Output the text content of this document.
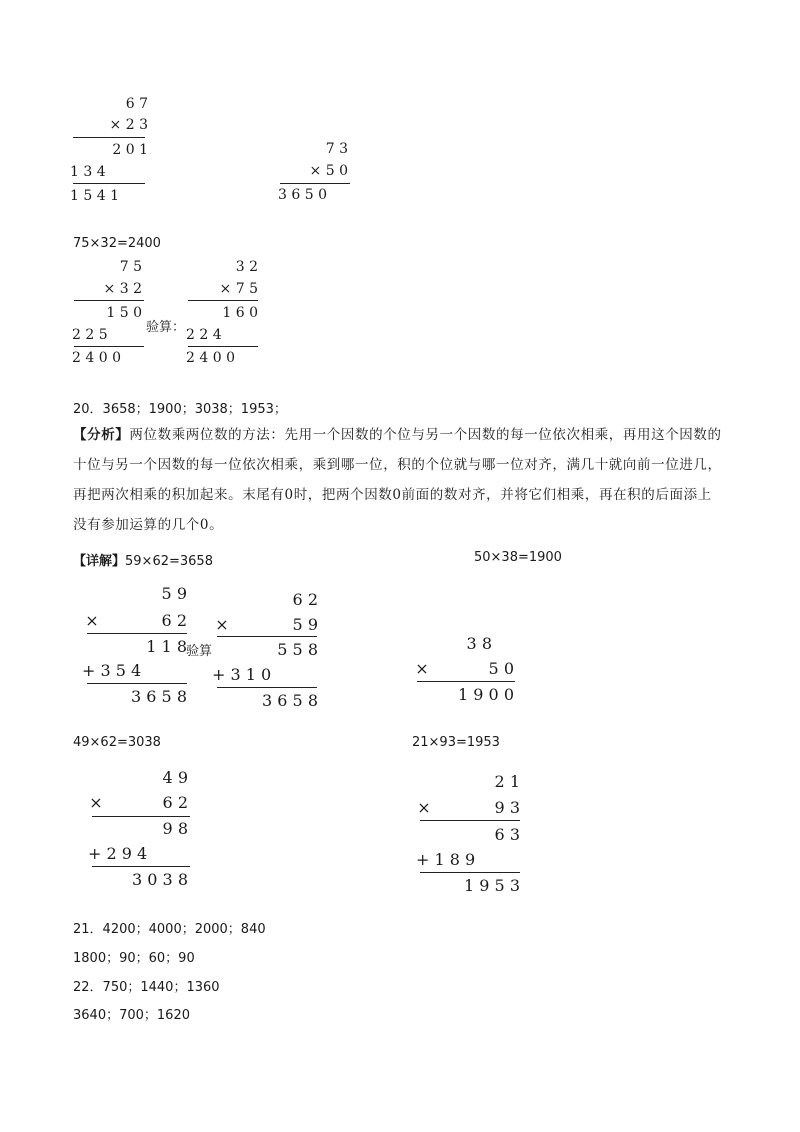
6 7
× 2 3
2 0 1
1 3 4
1 5 4 1
7 3
× 5 0
3 6 5 0
75×32=2400
7 5
× 3 2
1 5 0
2 2 5
2 4 0 0
验算：
3 2
× 7 5
1 6 0
2 2 4
2 4 0 0
20．3658；1900；3038；1953；
【分析】两位数乘两位数的方法：先用一个因数的个位与另一个因数的每一位依次相乘，再用这个因数的
十位与另一个因数的每一位依次相乘，乘到哪一位，积的个位就与哪一位对齐，满几十就向前一位进几，
再把两次相乘的积加起来。末尾有0时，把两个因数0前面的数对齐，并将它们相乘，再在积的后面添上
没有参加运算的几个0。
【详解】59×62=3658	50×38=1900
5 9
×	6 2
1 1 8
+ 3 5 4
3 6 5 8
验算
6 2
×	5 9
5 5 8
+ 3 1 0
3 6 5 8
3 8
×	5 0
1 9 0 0
49×62=3038	21×93=1953
4 9
×	6 2
9 8
+ 2 9 4
3 0 3 8
2 1
×	9 3
6 3
+ 1 8 9
1 9 5 3
21．4200；4000；2000；840
1800；90；60；90
22．750；1440；1360
3640；700；1620
